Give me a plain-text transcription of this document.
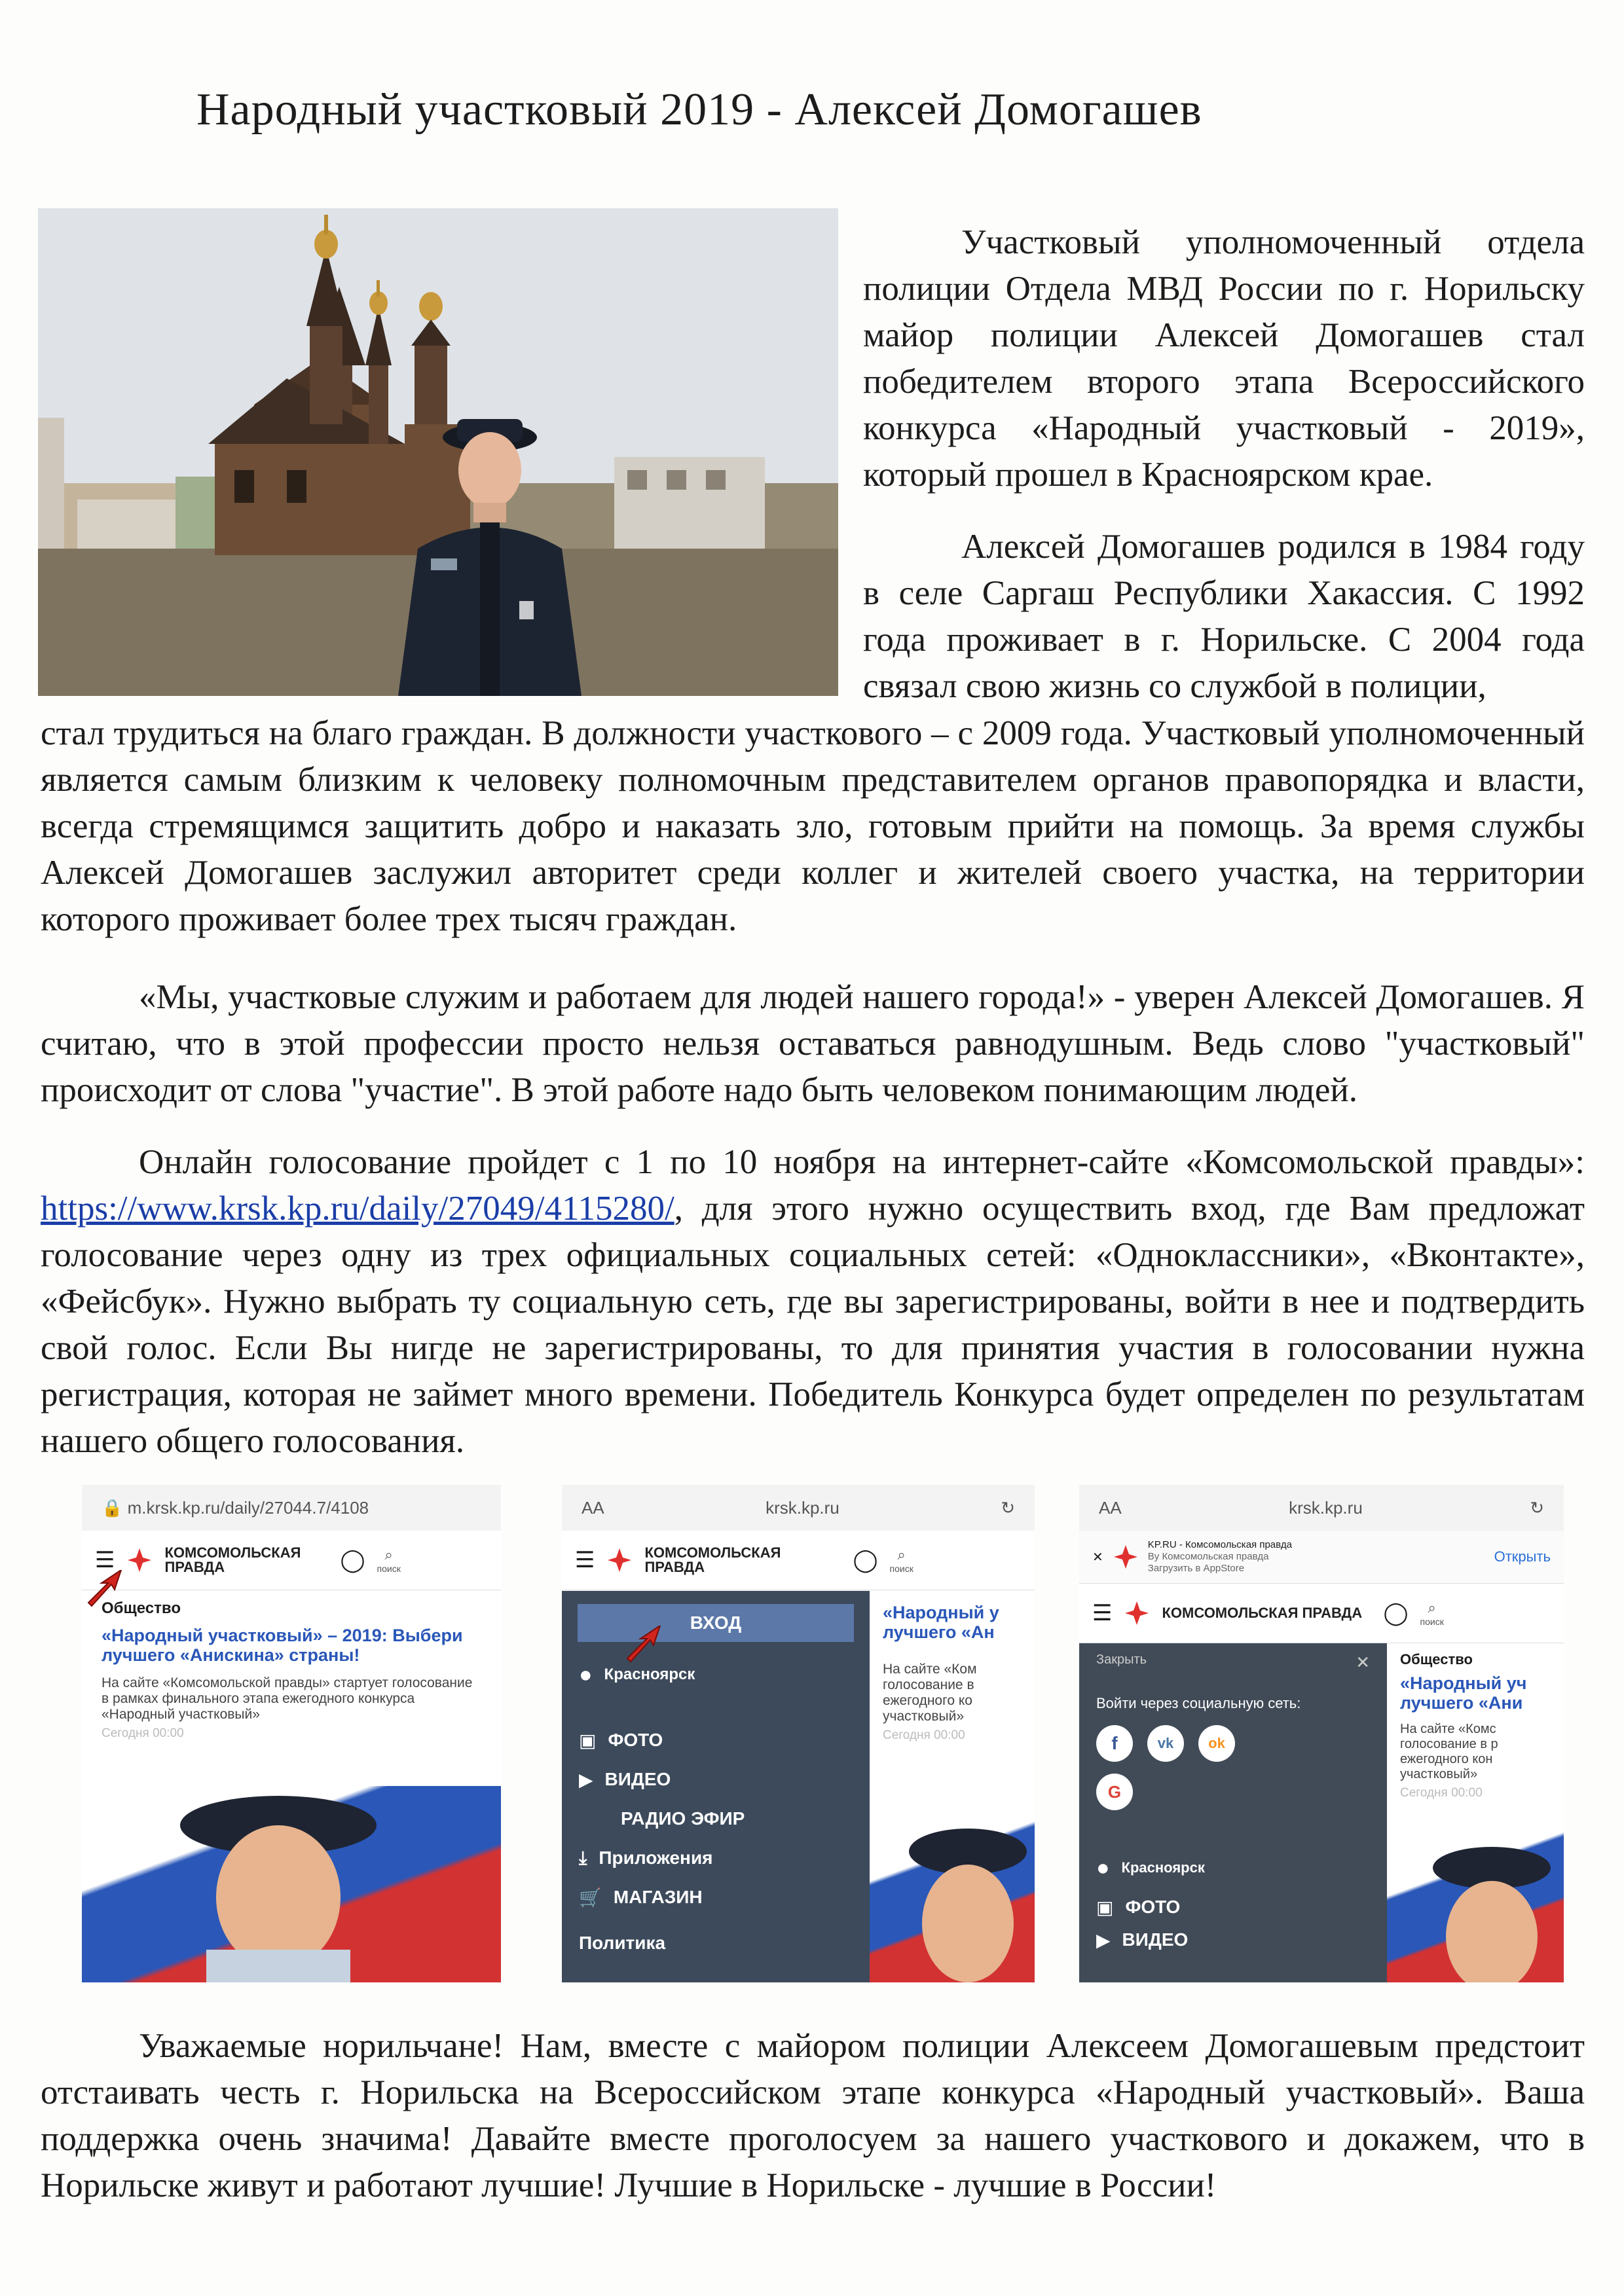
Народный участковый 2019 - Алексей Домогашев

Участковый уполномоченный отдела полиции Отдела МВД России по г. Норильску майор полиции Алексей Домогашев стал победителем второго этапа Всероссийского конкурса «Народный участковый - 2019», который прошел в Красноярском крае.

Алексей Домогашев родился в 1984 году в селе Саргаш Республики Хакассия. С 1992 года проживает в г. Норильске. С 2004 года связал свою жизнь со службой в полиции,

стал трудиться на благо граждан. В должности участкового – с 2009 года. Участковый уполномоченный является самым близким к человеку полномочным представителем органов правопорядка и власти, всегда стремящимся защитить добро и наказать зло, готовым прийти на помощь. За время службы Алексей Домогашев заслужил авторитет среди коллег и жителей своего участка, на территории которого проживает более трех тысяч граждан.

«Мы, участковые служим и работаем для людей нашего города!» - уверен Алексей Домогашев. Я считаю, что в этой профессии просто нельзя оставаться равнодушным. Ведь слово "участковый" происходит от слова "участие". В этой работе надо быть человеком понимающим людей.

Онлайн голосование пройдет с 1 по 10 ноября на интернет-сайте «Комсомольской правды»: https://www.krsk.kp.ru/daily/27049/4115280/, для этого нужно осуществить вход, где Вам предложат голосование через одну из трех официальных социальных сетей: «Одноклассники», «Вконтакте», «Фейсбук». Нужно выбрать ту социальную сеть, где вы зарегистрированы, войти в нее и подтвердить свой голос. Если Вы нигде не зарегистрированы, то для принятия участия в голосовании нужна регистрация, которая не займет много времени. Победитель Конкурса будет определен по результатам нашего общего голосования.

🔒
m.krsk.kp.ru/daily/27044.7/4108
☰	КОМСОМОЛЬСКАЯ ПРАВДА	◯	⌕
поиск
Общество
«Народный участковый» – 2019: Выбери лучшего «Анискина» страны!
На сайте «Комсомольской правды» стартует голосование в рамках финального этапа ежегодного конкурса «Народный участковый»
Сегодня 00:00
AA	krsk.kp.ru	↻
☰	КОМСОМОЛЬСКАЯ ПРАВДА	◯	⌕
поиск
ВХОД
● Красноярск
▣ ФОТО
▶ ВИДЕО
РАДИО ЭФИР
⤓ Приложения
🛒 МАГАЗИН
Политика
«Народный у лучшего «Ан
На сайте «Ком голосование в ежегодного ко участковый»
Сегодня 00:00
AA	krsk.kp.ru	↻
✕
KP.RU - Комсомольская правда
By Комсомольская правда
Загрузить в AppStore
Открыть
☰	КОМСОМОЛЬСКАЯ ПРАВДА ◯	⌕
поиск
Закрыть	✕
Войти через социальную сеть:
f	vk	ok
G
● Красноярск
▣ ФОТО
▶ ВИДЕО
Общество
«Народный уч лучшего «Ани
На сайте «Комс голосование в р ежегодного кон участковый»
Сегодня 00:00

Уважаемые норильчане! Нам, вместе с майором полиции Алексеем Домогашевым предстоит отстаивать честь г. Норильска на Всероссийском этапе конкурса «Народный участковый». Ваша поддержка очень значима! Давайте вместе проголосуем за нашего участкового и докажем, что в Норильске живут и работают лучшие! Лучшие в Норильске - лучшие в России!
